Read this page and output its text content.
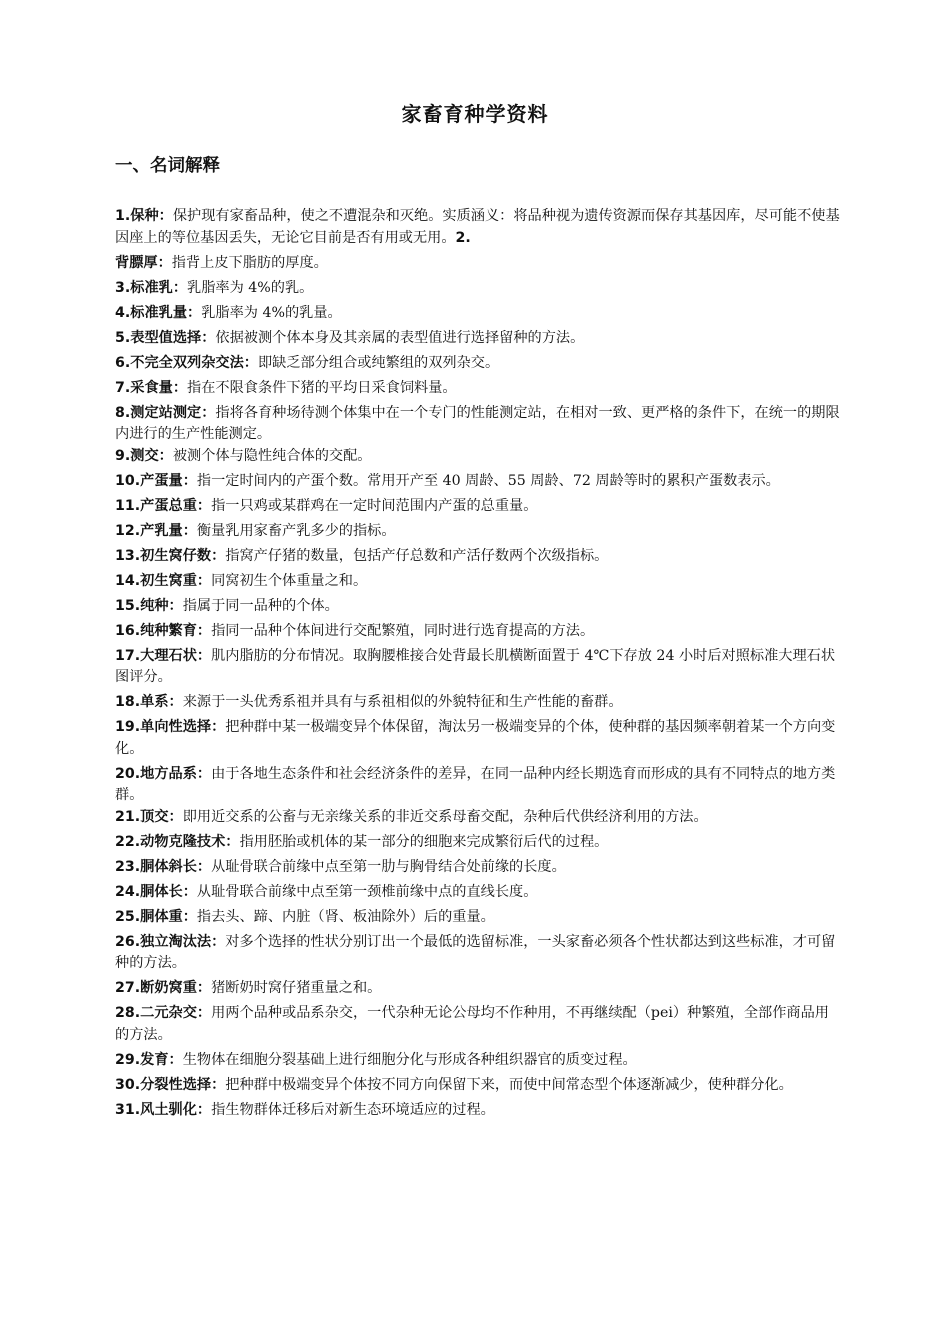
家畜育种学资料
一、名词解释

1.保种：保护现有家畜品种，使之不遭混杂和灭绝。实质涵义：将品种视为遗传资源而保存其基因库，尽可能不使基因座上的等位基因丢失，无论它目前是否有用或无用。2.

背膘厚：指背上皮下脂肪的厚度。

3.标准乳：乳脂率为 4%的乳。

4.标准乳量：乳脂率为 4%的乳量。

5.表型值选择：依据被测个体本身及其亲属的表型值进行选择留种的方法。

6.不完全双列杂交法：即缺乏部分组合或纯繁组的双列杂交。

7.采食量：指在不限食条件下猪的平均日采食饲料量。

8.测定站测定：指将各育种场待测个体集中在一个专门的性能测定站，在相对一致、更严格的条件下，在统一的期限内进行的生产性能测定。

9.测交：被测个体与隐性纯合体的交配。

10.产蛋量：指一定时间内的产蛋个数。常用开产至 40 周龄、55 周龄、72 周龄等时的累积产蛋数表示。

11.产蛋总重：指一只鸡或某群鸡在一定时间范围内产蛋的总重量。

12.产乳量：衡量乳用家畜产乳多少的指标。

13.初生窝仔数：指窝产仔猪的数量，包括产仔总数和产活仔数两个次级指标。

14.初生窝重：同窝初生个体重量之和。

15.纯种：指属于同一品种的个体。

16.纯种繁育：指同一品种个体间进行交配繁殖，同时进行选育提高的方法。

17.大理石状：肌内脂肪的分布情况。取胸腰椎接合处背最长肌横断面置于 4℃下存放 24 小时后对照标准大理石状图评分。

18.单系：来源于一头优秀系祖并具有与系祖相似的外貌特征和生产性能的畜群。

19.单向性选择：把种群中某一极端变异个体保留，淘汰另一极端变异的个体，使种群的基因频率朝着某一个方向变化。

20.地方品系：由于各地生态条件和社会经济条件的差异，在同一品种内经长期选育而形成的具有不同特点的地方类群。

21.顶交：即用近交系的公畜与无亲缘关系的非近交系母畜交配，杂种后代供经济利用的方法。

22.动物克隆技术：指用胚胎或机体的某一部分的细胞来完成繁衍后代的过程。

23.胴体斜长：从耻骨联合前缘中点至第一肋与胸骨结合处前缘的长度。

24.胴体长：从耻骨联合前缘中点至第一颈椎前缘中点的直线长度。

25.胴体重：指去头、蹄、内脏（肾、板油除外）后的重量。

26.独立淘汰法：对多个选择的性状分别订出一个最低的选留标准，一头家畜必须各个性状都达到这些标准，才可留种的方法。

27.断奶窝重：猪断奶时窝仔猪重量之和。

28.二元杂交：用两个品种或品系杂交，一代杂种无论公母均不作种用，不再继续配（pei）种繁殖，全部作商品用的方法。

29.发育：生物体在细胞分裂基础上进行细胞分化与形成各种组织器官的质变过程。

30.分裂性选择：把种群中极端变异个体按不同方向保留下来，而使中间常态型个体逐渐减少，使种群分化。

31.风土驯化：指生物群体迁移后对新生态环境适应的过程。
